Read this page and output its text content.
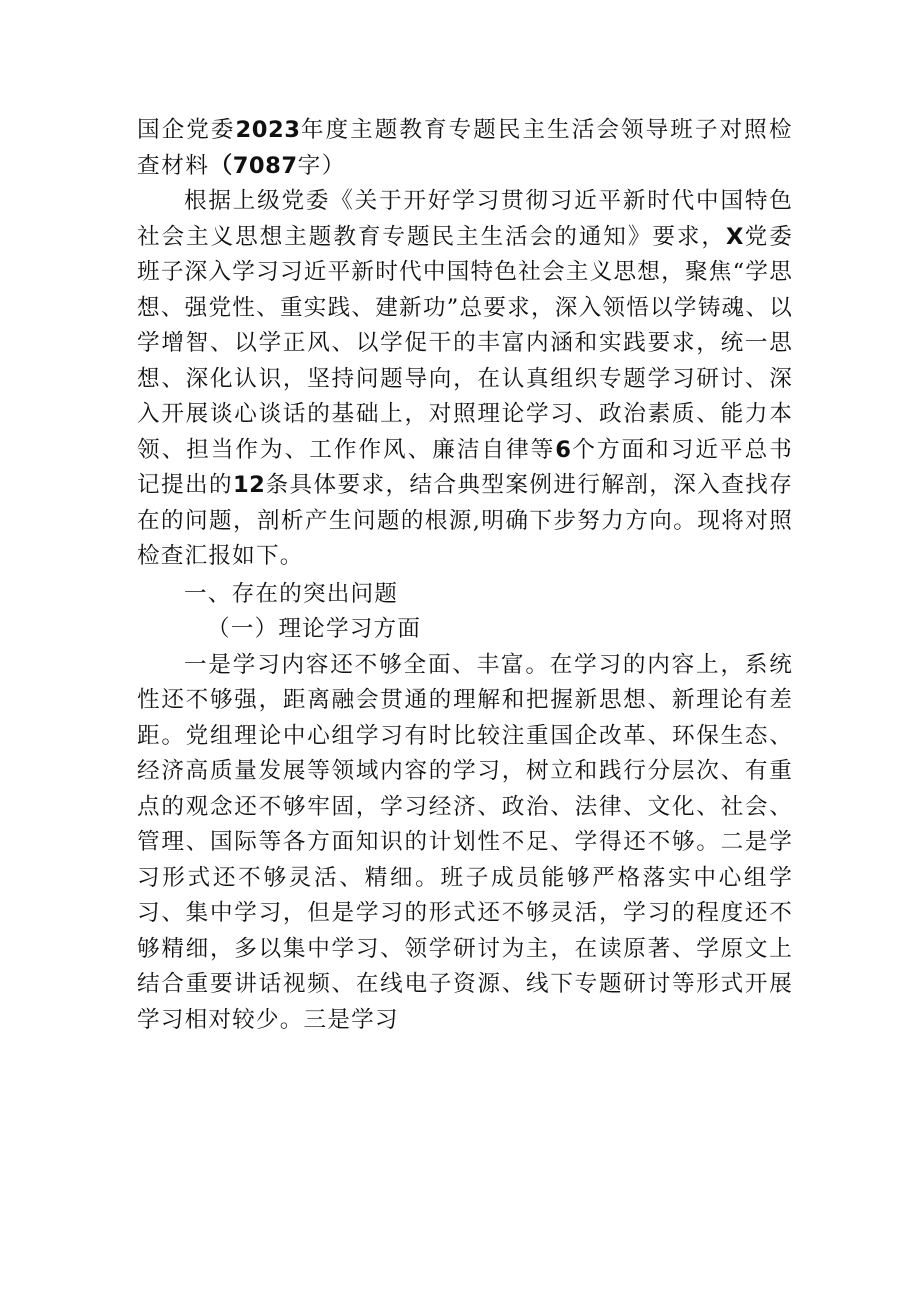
国企党委2023年度主题教育专题民主生活会领导班子对照检查材料（7087字）

根据上级党委《关于开好学习贯彻习近平新时代中国特色社会主义思想主题教育专题民主生活会的通知》要求，X党委班子深入学习习近平新时代中国特色社会主义思想，聚焦“学思想、强党性、重实践、建新功”总要求，深入领悟以学铸魂、以学增智、以学正风、以学促干的丰富内涵和实践要求，统一思想、深化认识，坚持问题导向，在认真组织专题学习研讨、深入开展谈心谈话的基础上，对照理论学习、政治素质、能力本领、担当作为、工作作风、廉洁自律等6个方面和习近平总书记提出的12条具体要求，结合典型案例进行解剖，深入查找存在的问题，剖析产生问题的根源,明确下步努力方向。现将对照检查汇报如下。

一、存在的突出问题

（一）理论学习方面

一是学习内容还不够全面、丰富。在学习的内容上，系统性还不够强，距离融会贯通的理解和把握新思想、新理论有差距。党组理论中心组学习有时比较注重国企改革、环保生态、经济高质量发展等领域内容的学习，树立和践行分层次、有重点的观念还不够牢固，学习经济、政治、法律、文化、社会、管理、国际等各方面知识的计划性不足、学得还不够。二是学习形式还不够灵活、精细。班子成员能够严格落实中心组学习、集中学习，但是学习的形式还不够灵活，学习的程度还不够精细，多以集中学习、领学研讨为主，在读原著、学原文上结合重要讲话视频、在线电子资源、线下专题研讨等形式开展学习相对较少。三是学习
